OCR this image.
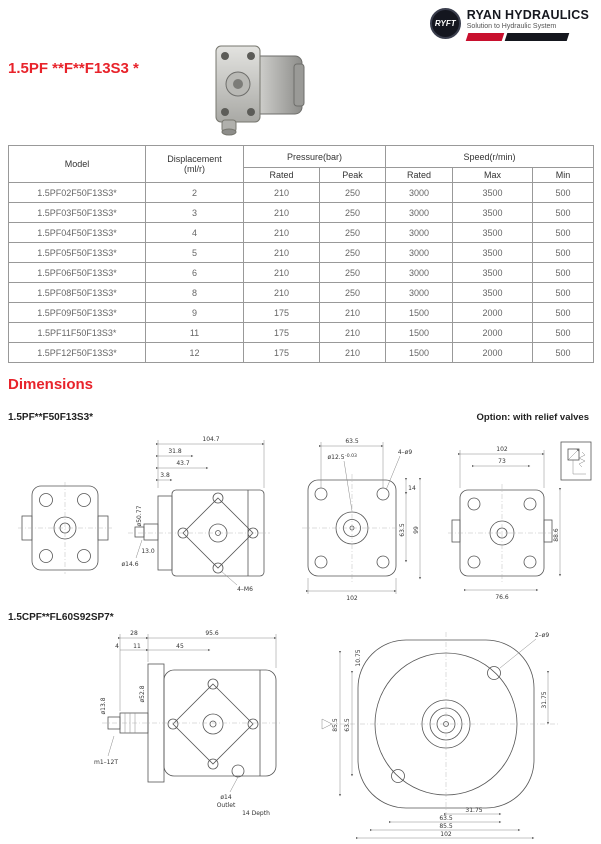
RYFT
RYAN HYDRAULICS
Solution to Hydraulic System
1.5PF **F**F13S3 *
Model	Displacement
(ml/r)	Pressure(bar)		Speed(r/min)		
		Rated	Peak	Rated	Max	Min
1.5PF02F50F13S3*	2	210	250	3000	3500	500
1.5PF03F50F13S3*	3	210	250	3000	3500	500
1.5PF04F50F13S3*	4	210	250	3000	3500	500
1.5PF05F50F13S3*	5	210	250	3000	3500	500
1.5PF06F50F13S3*	6	210	250	3000	3500	500
1.5PF08F50F13S3*	8	210	250	3000	3500	500
1.5PF09F50F13S3*	9	175	210	1500	2000	500
1.5PF11F50F13S3*	11	175	210	1500	2000	500
1.5PF12F50F13S3*	12	175	210	1500	2000	500
Dimensions
1.5PF**F50F13S3*	Option: with relief valves
104.7
31.8
43.7
3.8
ø50.77
13.0
ø14.6
4–M6
63.5
ø12.5 -0.03
4–ø9
14
63.5 99
102
102
73
88.6
76.6
1.5CPF**FL60S92SP7*
28	95.6
4 11	45
ø52.8
ø13.8
m1–12T
ø14
Outlet
14 Depth
2–ø9
31.75
10.75
63.5
85.5
31.75
63.5
85.5
102
